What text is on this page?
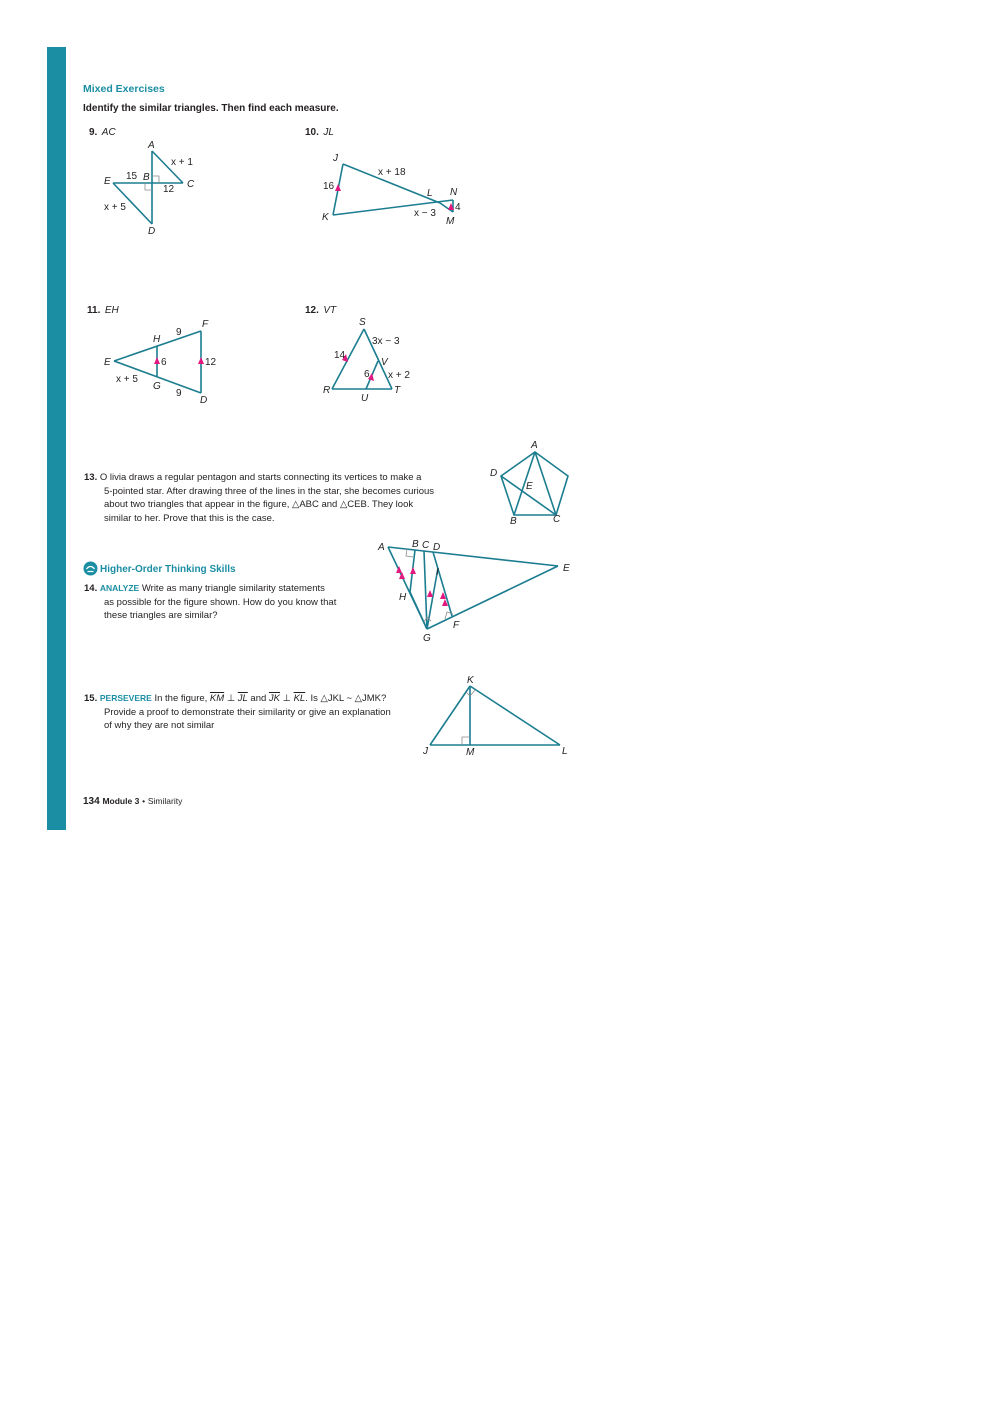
Mixed Exercises
Identify the similar triangles. Then find each measure.
9. AC	10. JL
11. EH	12. VT
13. O livia draws a regular pentagon and starts connecting its vertices to make a
5-pointed star. After drawing three of the lines in the star, she becomes curious
about two triangles that appear in the figure, △ABC and △CEB. They look
similar to her. Prove that this is the case.
Higher-Order Thinking Skills
14. ANALYZE Write as many triangle similarity statements
as possible for the figure shown. How do you know that
these triangles are similar?
15. PERSEVERE In the figure, $\overline{KM}$ ⊥ $\overline{JL}$ and $\overline{JK}$ ⊥ $\overline{KL}$. Is △JKL ~ △JMK?
Provide a proof to demonstrate their similarity or give an explanation
of why they are not similar
134 Module 3 • Similarity
A
B
C
D
E
x + 1
15
12
x + 5
J
K
L
M
N
x + 18
16
x − 3
4
E
F
G
H
D
9
6	12
x + 5
9
S
R	T
U
V
3x − 3
14
6 x + 2
A
B	C
D
E
A	B C D
E
F
G
H
I
J
K
L
M
